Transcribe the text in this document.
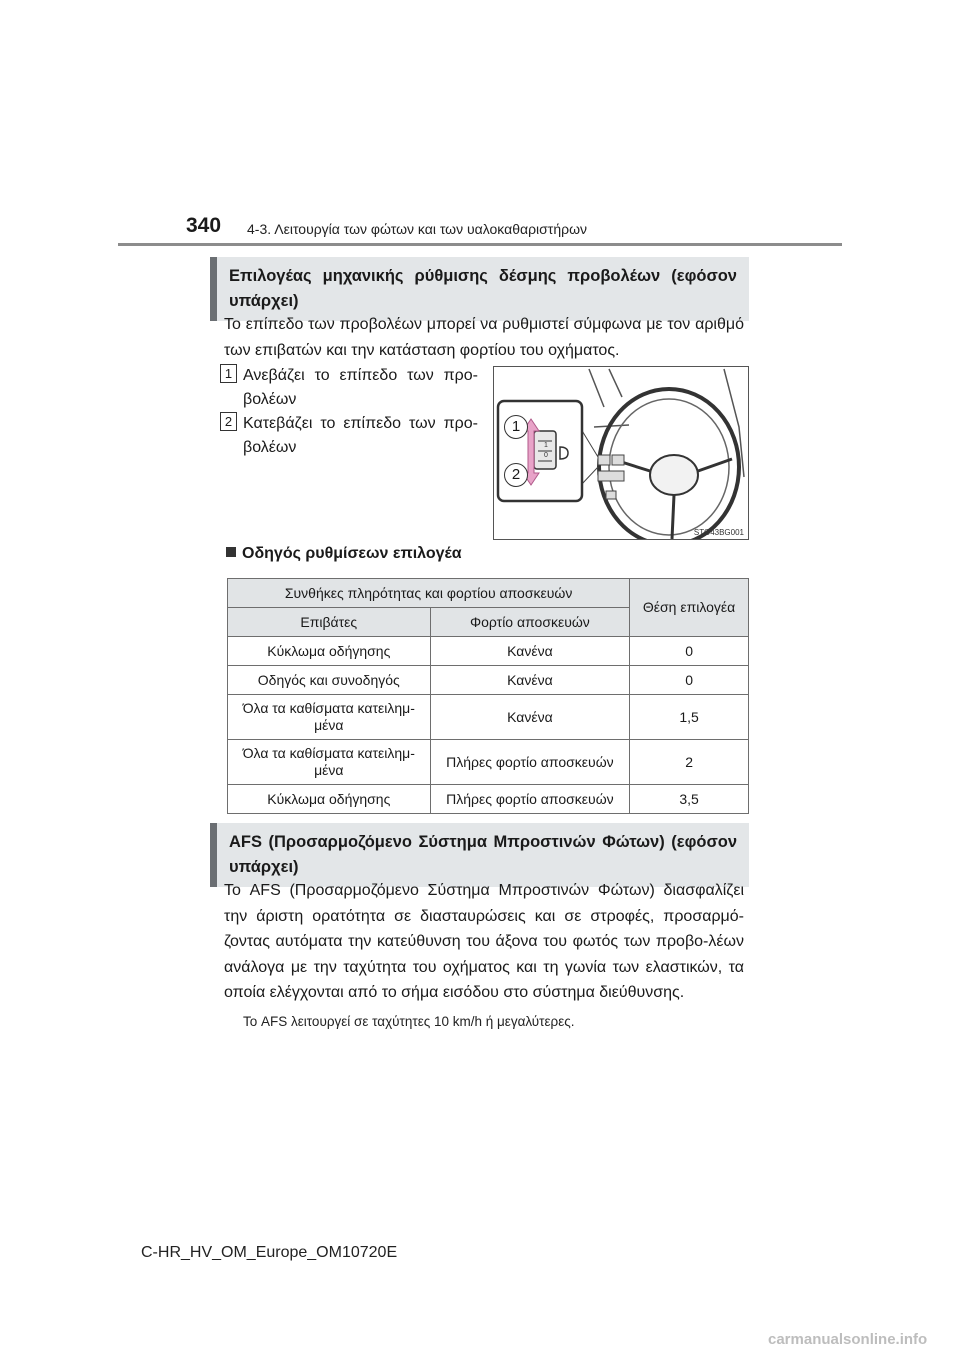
340 4-3. Λειτουργία των φώτων και των υαλοκαθαριστήρων
Επιλογέας μηχανικής ρύθμισης δέσμης προβολέων (εφόσον
υπάρχει)
Το επίπεδο των προβολέων μπορεί να ρυθμιστεί σύμφωνα με τον αριθμό των επιβατών και την κατάσταση φορτίου του οχήματος.
1 Ανεβάζει το επίπεδο των προ-βολέων
2 Κατεβάζει το επίπεδο των προ-βολέων	1
0
1
2
STO43BG001
Οδηγός ρυθμίσεων επιλογέα
Συνθήκες πληρότητας και φορτίου αποσκευών		Θέση επιλογέα
Επιβάτες	Φορτίο αποσκευών	
Κύκλωμα οδήγησης	Κανένα	0
Οδηγός και συνοδηγός	Κανένα	0
Όλα τα καθίσματα κατειλημ-μένα	Κανένα	1,5
Όλα τα καθίσματα κατειλημ-μένα	Πλήρες φορτίο αποσκευών	2
Κύκλωμα οδήγησης	Πλήρες φορτίο αποσκευών	3,5
AFS (Προσαρμοζόμενο Σύστημα Μπροστινών Φώτων) (εφόσον
υπάρχει)
Το AFS (Προσαρμοζόμενο Σύστημα Μπροστινών Φώτων) διασφαλίζει την άριστη ορατότητα σε διασταυρώσεις και σε στροφές, προσαρμό-ζοντας αυτόματα την κατεύθυνση του άξονα του φωτός των προβο-λέων ανάλογα με την ταχύτητα του οχήματος και τη γωνία των ελαστικών, τα οποία ελέγχονται από το σήμα εισόδου στο σύστημα διεύθυνσης.
Το AFS λειτουργεί σε ταχύτητες 10 km/h ή μεγαλύτερες.
C-HR_HV_OM_Europe_OM10720E
carmanualsonline.info
